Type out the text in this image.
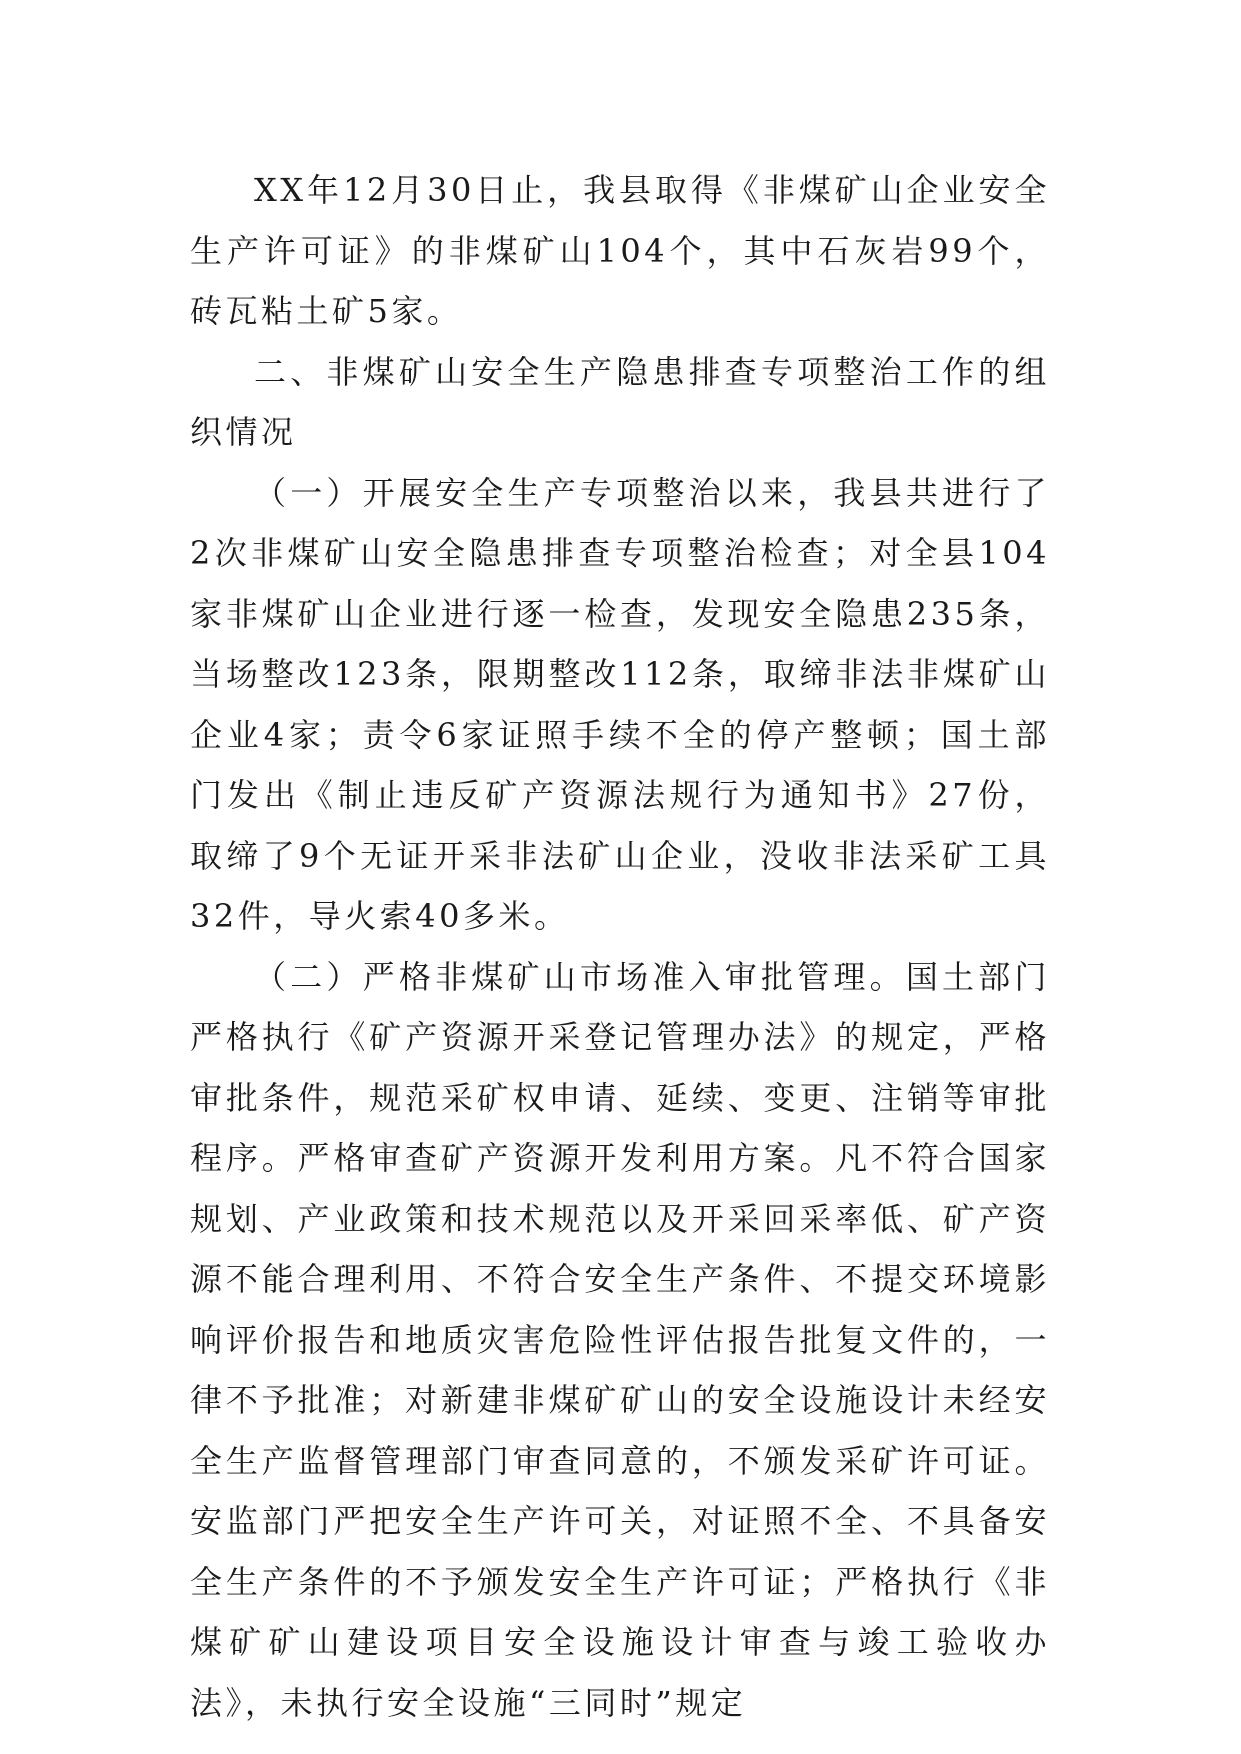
XX年12月30日止，我县取得《非煤矿山企业安全生产许可证》的非煤矿山104个，其中石灰岩99个，砖瓦粘土矿5家。

二、非煤矿山安全生产隐患排查专项整治工作的组织情况

（一）开展安全生产专项整治以来，我县共进行了2次非煤矿山安全隐患排查专项整治检查；对全县104家非煤矿山企业进行逐一检查，发现安全隐患235条，当场整改123条，限期整改112条，取缔非法非煤矿山企业4家；责令6家证照手续不全的停产整顿；国土部门发出《制止违反矿产资源法规行为通知书》27份，取缔了9个无证开采非法矿山企业，没收非法采矿工具32件，导火索40多米。

（二）严格非煤矿山市场准入审批管理。国土部门严格执行《矿产资源开采登记管理办法》的规定，严格审批条件，规范采矿权申请、延续、变更、注销等审批程序。严格审查矿产资源开发利用方案。凡不符合国家规划、产业政策和技术规范以及开采回采率低、矿产资源不能合理利用、不符合安全生产条件、不提交环境影响评价报告和地质灾害危险性评估报告批复文件的，一律不予批准；对新建非煤矿矿山的安全设施设计未经安全生产监督管理部门审查同意的，不颁发采矿许可证。安监部门严把安全生产许可关，对证照不全、不具备安全生产条件的不予颁发安全生产许可证；严格执行《非煤矿矿山建设项目安全设施设计审查与竣工验收办法》，未执行安全设施“三同时”规定
